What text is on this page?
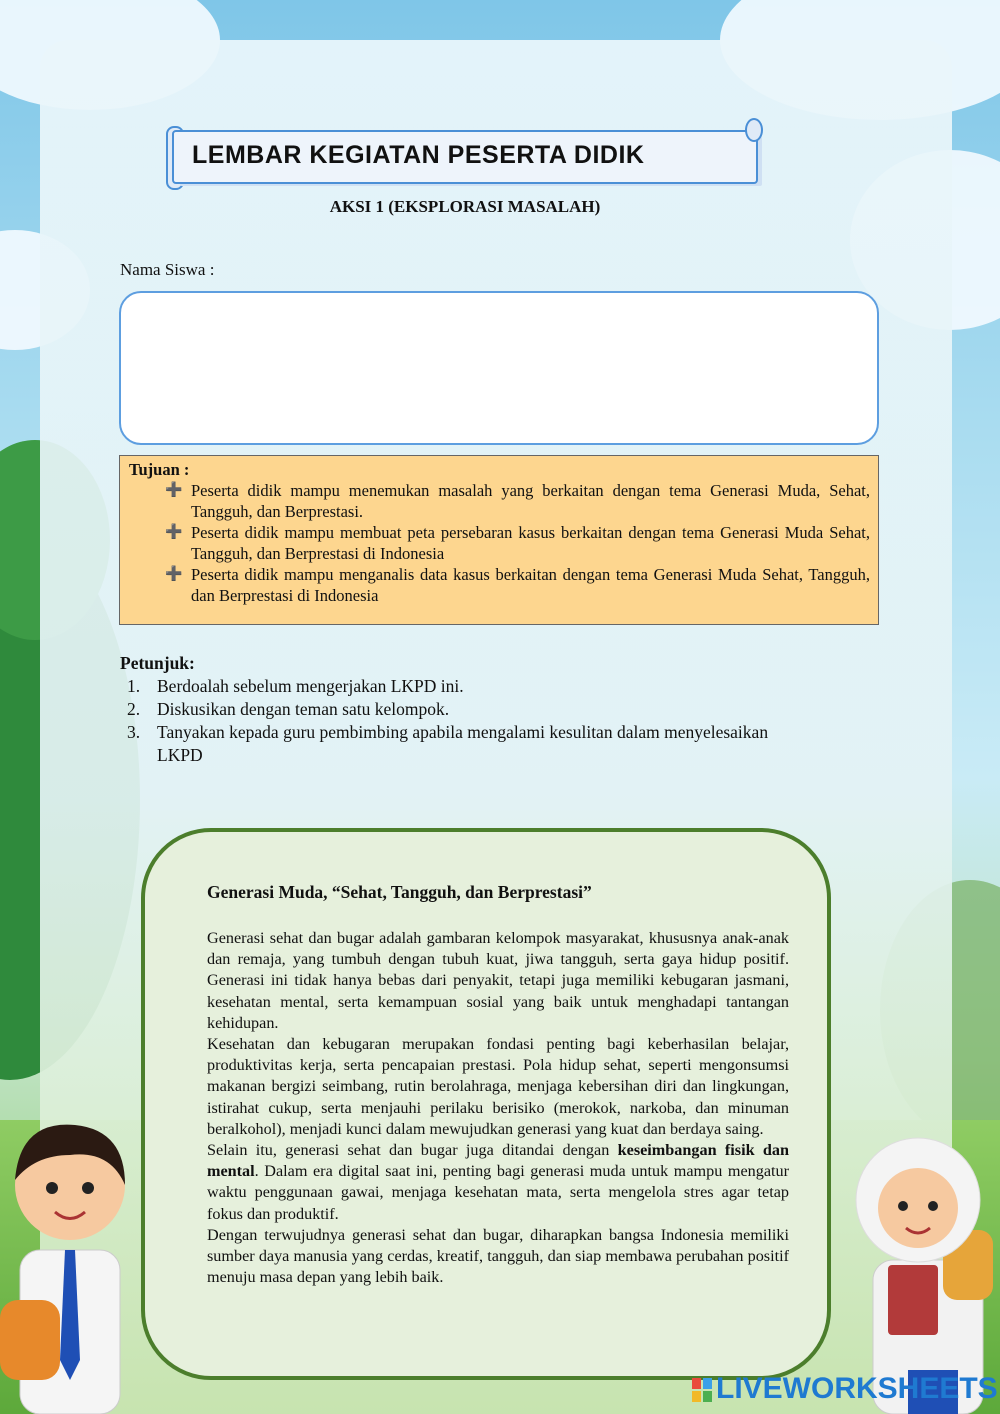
LEMBAR KEGIATAN PESERTA DIDIK
AKSI 1 (EKSPLORASI MASALAH)
Nama Siswa :
Tujuan :
➕ Peserta didik mampu menemukan masalah yang berkaitan dengan tema Generasi Muda, Sehat, Tangguh, dan Berprestasi.
➕ Peserta didik mampu membuat peta persebaran kasus berkaitan dengan tema Generasi Muda Sehat, Tangguh, dan Berprestasi di Indonesia
➕ Peserta didik mampu menganalis data kasus berkaitan dengan tema Generasi Muda Sehat, Tangguh, dan Berprestasi di Indonesia
Petunjuk:
1. Berdoalah sebelum mengerjakan LKPD ini.
2. Diskusikan dengan teman satu kelompok.
3. Tanyakan kepada guru pembimbing apabila mengalami kesulitan dalam menyelesaikan LKPD
Generasi Muda, “Sehat, Tangguh, dan Berprestasi”

Generasi sehat dan bugar adalah gambaran kelompok masyarakat, khususnya anak-anak dan remaja, yang tumbuh dengan tubuh kuat, jiwa tangguh, serta gaya hidup positif. Generasi ini tidak hanya bebas dari penyakit, tetapi juga memiliki kebugaran jasmani, kesehatan mental, serta kemampuan sosial yang baik untuk menghadapi tantangan kehidupan.

Kesehatan dan kebugaran merupakan fondasi penting bagi keberhasilan belajar, produktivitas kerja, serta pencapaian prestasi. Pola hidup sehat, seperti mengonsumsi makanan bergizi seimbang, rutin berolahraga, menjaga kebersihan diri dan lingkungan, istirahat cukup, serta menjauhi perilaku berisiko (merokok, narkoba, dan minuman beralkohol), menjadi kunci dalam mewujudkan generasi yang kuat dan berdaya saing.

Selain itu, generasi sehat dan bugar juga ditandai dengan keseimbangan fisik dan mental. Dalam era digital saat ini, penting bagi generasi muda untuk mampu mengatur waktu penggunaan gawai, menjaga kesehatan mata, serta mengelola stres agar tetap fokus dan produktif.

Dengan terwujudnya generasi sehat dan bugar, diharapkan bangsa Indonesia memiliki sumber daya manusia yang cerdas, kreatif, tangguh, dan siap membawa perubahan positif menuju masa depan yang lebih baik.

LIVEWORKSHEETS
